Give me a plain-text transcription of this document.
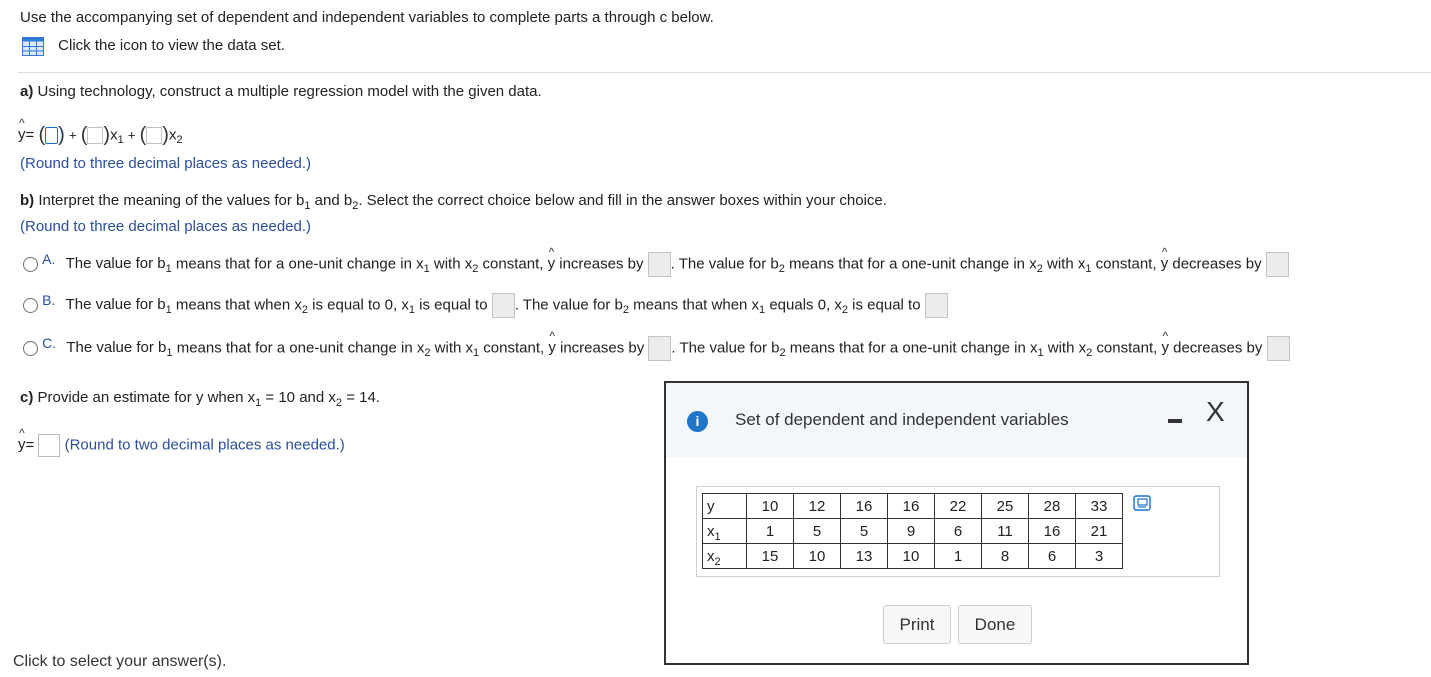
Use the accompanying set of dependent and independent variables to complete parts a through c below.
Click the icon to view the data set.
a) Using technology, construct a multiple regression model with the given data.
^ y= ( ) + ( )$x_1$ + ( )$x_2$
(Round to three decimal places as needed.)
b) Interpret the meaning of the values for $b_1$ and $b_2$. Select the correct choice below and fill in the answer boxes within your choice.
(Round to three decimal places as needed.)
A. The value for $b_1$ means that for a one-unit change in $x_1$ with $x_2$ constant, ^ y increases by . The value for $b_2$ means that for a one-unit change in $x_2$ with $x_1$ constant, ^ y decreases by
B. The value for $b_1$ means that when $x_2$ is equal to 0, $x_1$ is equal to . The value for $b_2$ means that when $x_1$ equals 0, $x_2$ is equal to
C. The value for $b_1$ means that for a one-unit change in $x_2$ with $x_1$ constant, ^ y increases by . The value for $b_2$ means that for a one-unit change in $x_1$ with $x_2$ constant, ^ y decreases by
c) Provide an estimate for y when $x_1 = 10$ and $x_2 = 14$.
^ y= (Round to two decimal places as needed.)
Click to select your answer(s).
i	Set of dependent and independent variables	X
y	10	12	16	16	22	25	28	33
$x_1$	1	5	5	9	6	11	16	21
$x_2$	15	10	13	10	1	8	6	3
Print	Done
